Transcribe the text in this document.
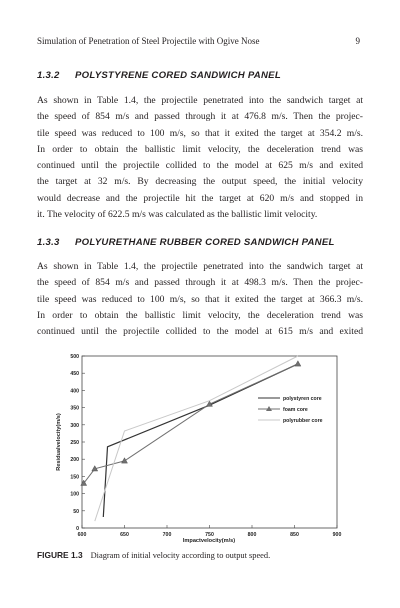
Simulation of Penetration of Steel Projectile with Ogive Nose	9
1.3.2 POLYSTYRENE CORED SANDWICH PANEL
As shown in Table 1.4, the projectile penetrated into the sandwich target at
the speed of 854 m/s and passed through it at 476.8 m/s. Then the projec-
tile speed was reduced to 100 m/s, so that it exited the target at 354.2 m/s.
In order to obtain the ballistic limit velocity, the deceleration trend was
continued until the projectile collided to the model at 625 m/s and exited
the target at 32 m/s. By decreasing the output speed, the initial velocity
would decrease and the projectile hit the target at 620 m/s and stopped in
it. The velocity of 622.5 m/s was calculated as the ballistic limit velocity.
1.3.3 POLYURETHANE RUBBER CORED SANDWICH PANEL
As shown in Table 1.4, the projectile penetrated into the sandwich target at
the speed of 854 m/s and passed through it at 498.3 m/s. Then the projec-
tile speed was reduced to 100 m/s, so that it exited the target at 366.3 m/s.
In order to obtain the ballistic limit velocity, the deceleration trend was
continued until the projectile collided to the model at 615 m/s and exited
0
50
100
150
200
250
300
350
400
450
500
600	650	700	750	800	850	900
polystyren core
foam core
polyrubber core
Impactvelocity(m/s)
Residualvelocity(m/s)
FIGURE 1.3 Diagram of initial velocity according to output speed.
